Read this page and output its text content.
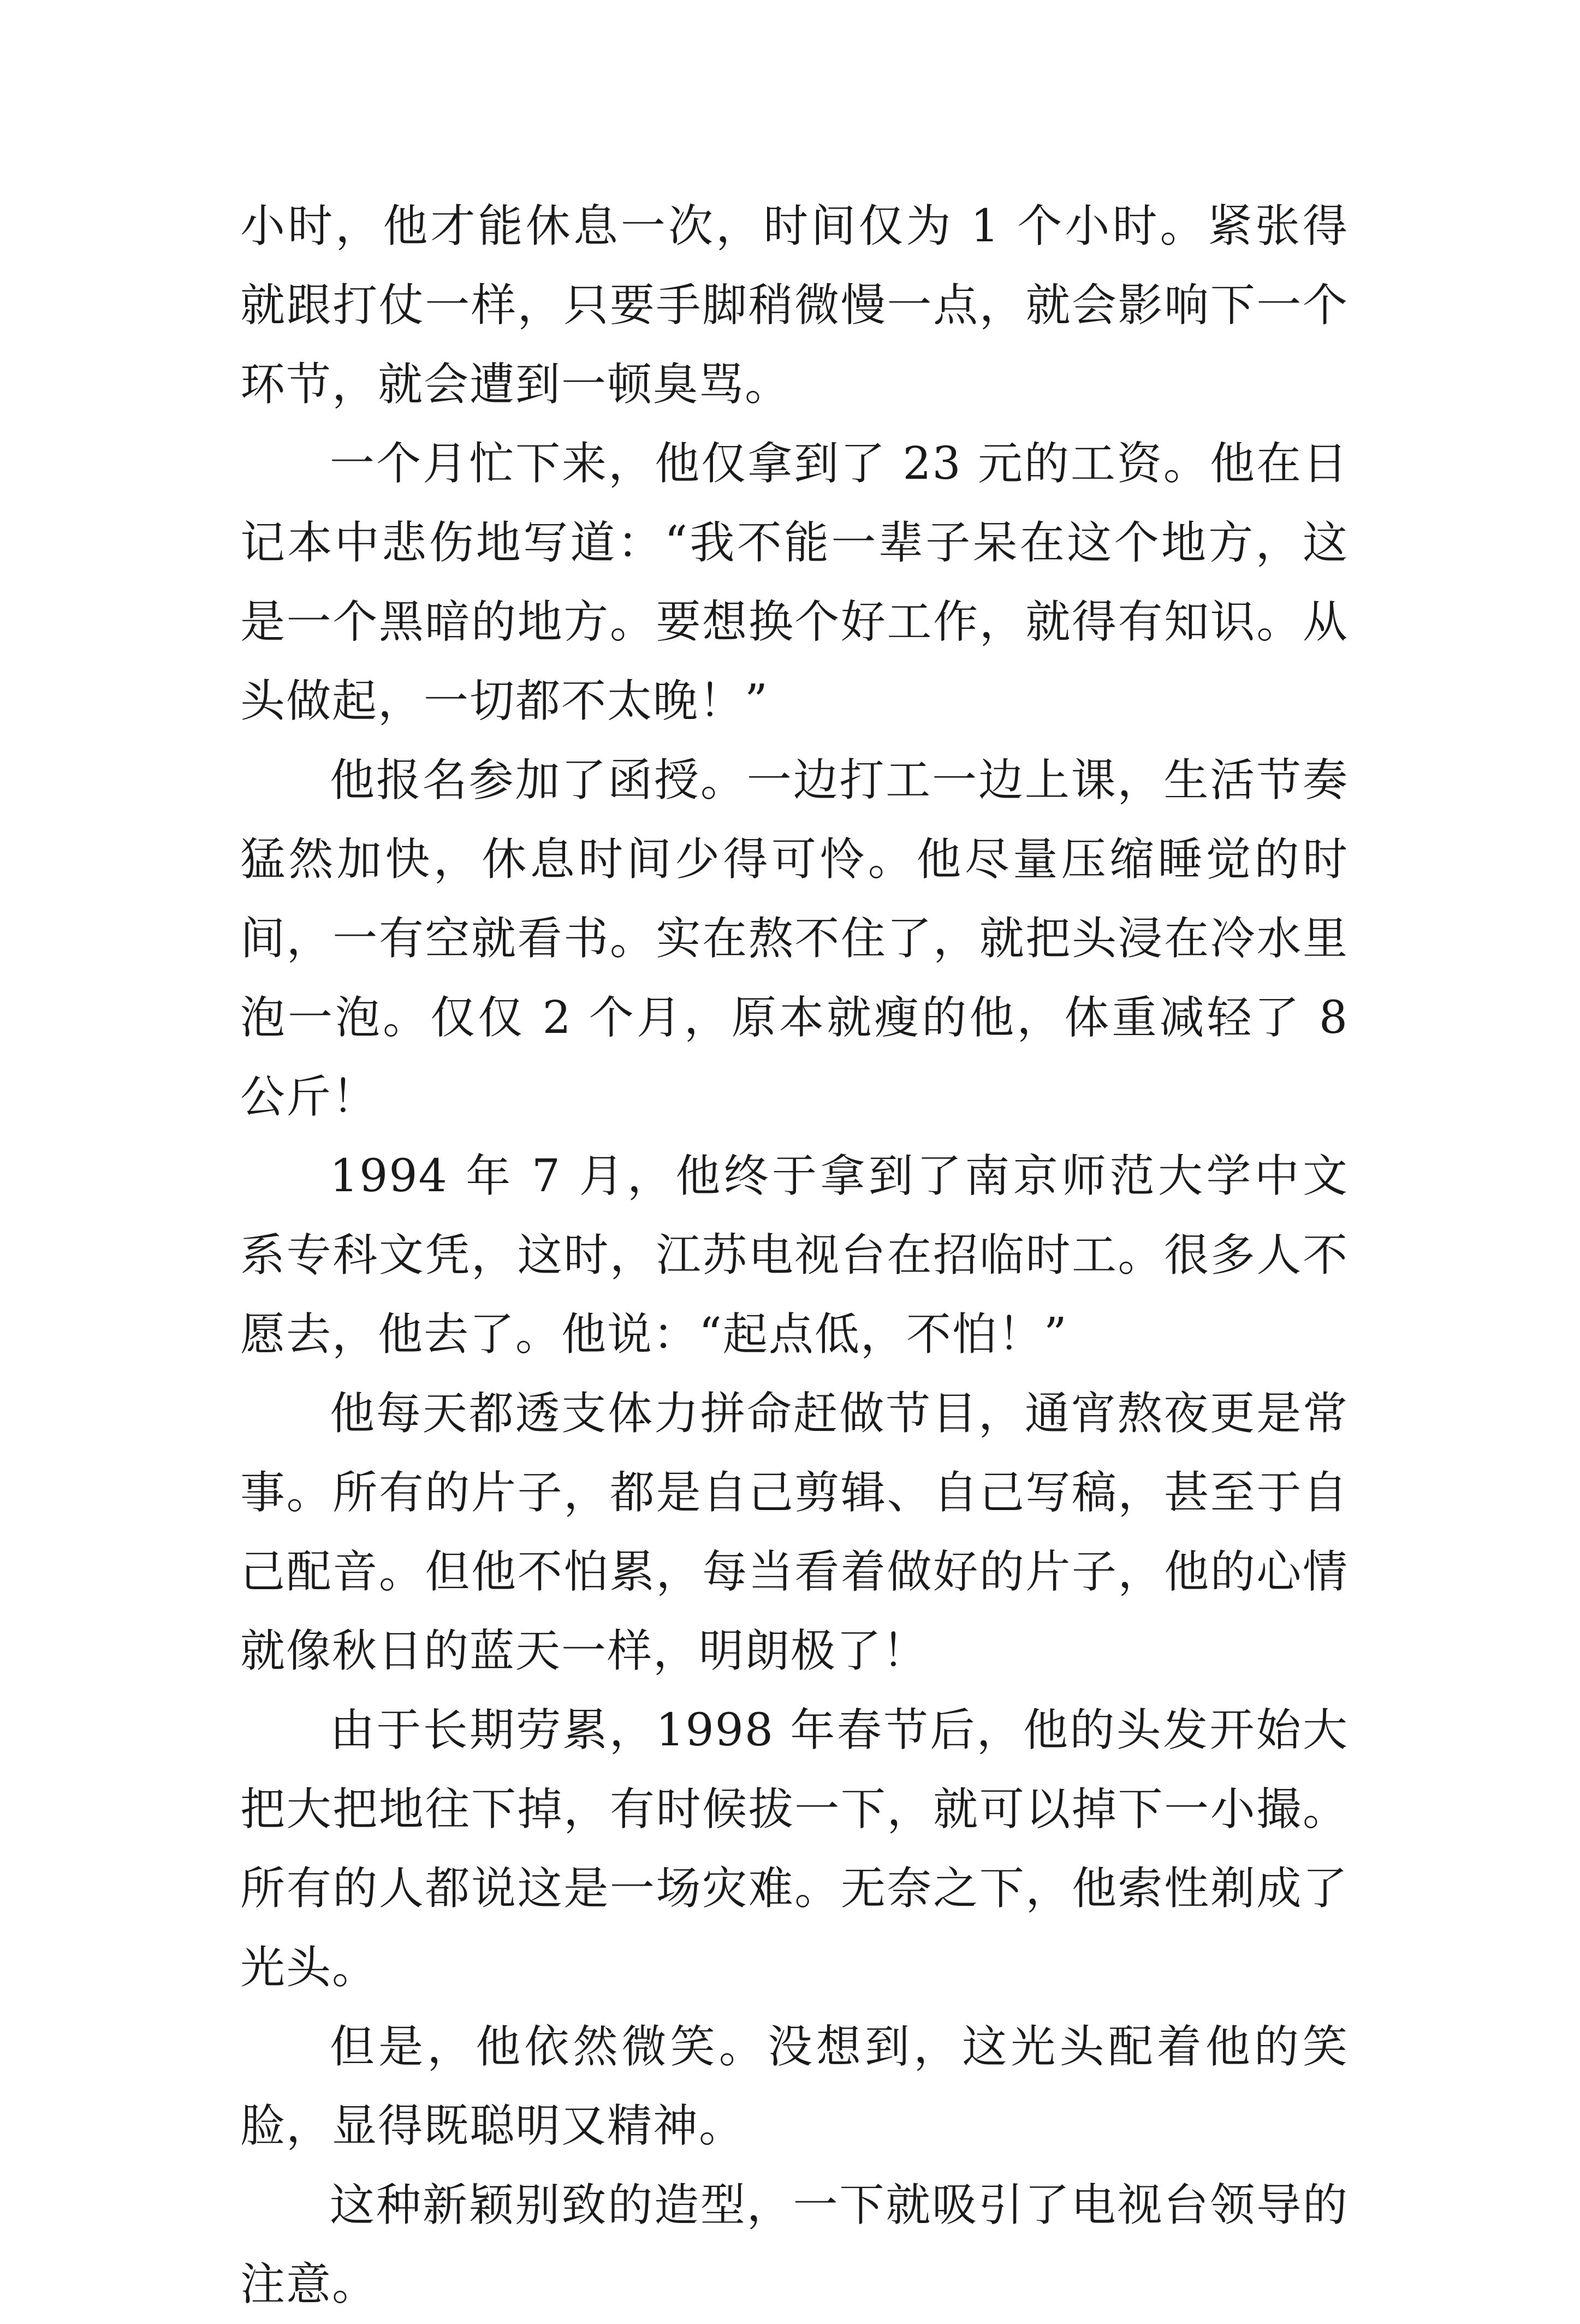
小时，他才能休息一次，时间仅为 1 个小时。紧张得就跟打仗一样，只要手脚稍微慢一点，就会影响下一个环节，就会遭到一顿臭骂。

一个月忙下来，他仅拿到了 23 元的工资。他在日记本中悲伤地写道：“我不能一辈子呆在这个地方，这是一个黑暗的地方。要想换个好工作，就得有知识。从头做起，一切都不太晚！”

他报名参加了函授。一边打工一边上课，生活节奏猛然加快，休息时间少得可怜。他尽量压缩睡觉的时间，一有空就看书。实在熬不住了，就把头浸在冷水里泡一泡。仅仅 2 个月，原本就瘦的他，体重减轻了 8 公斤！

1994 年 7 月，他终于拿到了南京师范大学中文系专科文凭，这时，江苏电视台在招临时工。很多人不愿去，他去了。他说：“起点低，不怕！”

他每天都透支体力拼命赶做节目，通宵熬夜更是常事。所有的片子，都是自己剪辑、自己写稿，甚至于自己配音。但他不怕累，每当看着做好的片子，他的心情就像秋日的蓝天一样，明朗极了！

由于长期劳累，1998 年春节后，他的头发开始大把大把地往下掉，有时候拔一下，就可以掉下一小撮。所有的人都说这是一场灾难。无奈之下，他索性剃成了光头。

但是，他依然微笑。没想到，这光头配着他的笑脸，显得既聪明又精神。

这种新颖别致的造型，一下就吸引了电视台领导的注意。
